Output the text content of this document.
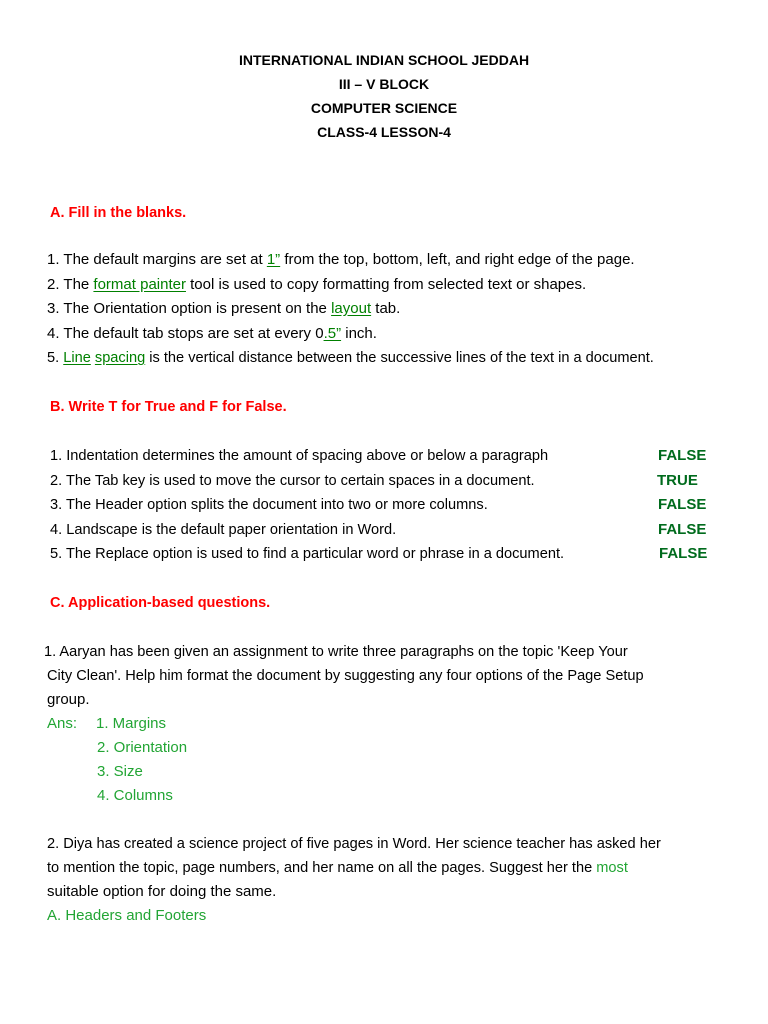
INTERNATIONAL INDIAN SCHOOL JEDDAH
III – V BLOCK
COMPUTER SCIENCE
CLASS-4 LESSON-4
A. Fill in the blanks.
1. The default margins are set at 1” from the top, bottom, left, and right edge of the page.
2. The format painter tool is used to copy formatting from selected text or shapes.
3. The Orientation option is present on the layout tab.
4. The default tab stops are set at every 0.5” inch.
5. Line spacing is the vertical distance between the successive lines of the text in a document.
B. Write T for True and F for False.
1. Indentation determines the amount of spacing above or below a paragraph	FALSE
2. The Tab key is used to move the cursor to certain spaces in a document.	TRUE
3. The Header option splits the document into two or more columns.	FALSE
4. Landscape is the default paper orientation in Word.	FALSE
5. The Replace option is used to find a particular word or phrase in a document.	FALSE
C. Application-based questions.
1. Aaryan has been given an assignment to write three paragraphs on the topic 'Keep Your
City Clean'. Help him format the document by suggesting any four options of the Page Setup
group.
Ans: 1. Margins
2. Orientation
3. Size
4. Columns
2. Diya has created a science project of five pages in Word. Her science teacher has asked her
to mention the topic, page numbers, and her name on all the pages. Suggest her the most
suitable option for doing the same.
A. Headers and Footers
